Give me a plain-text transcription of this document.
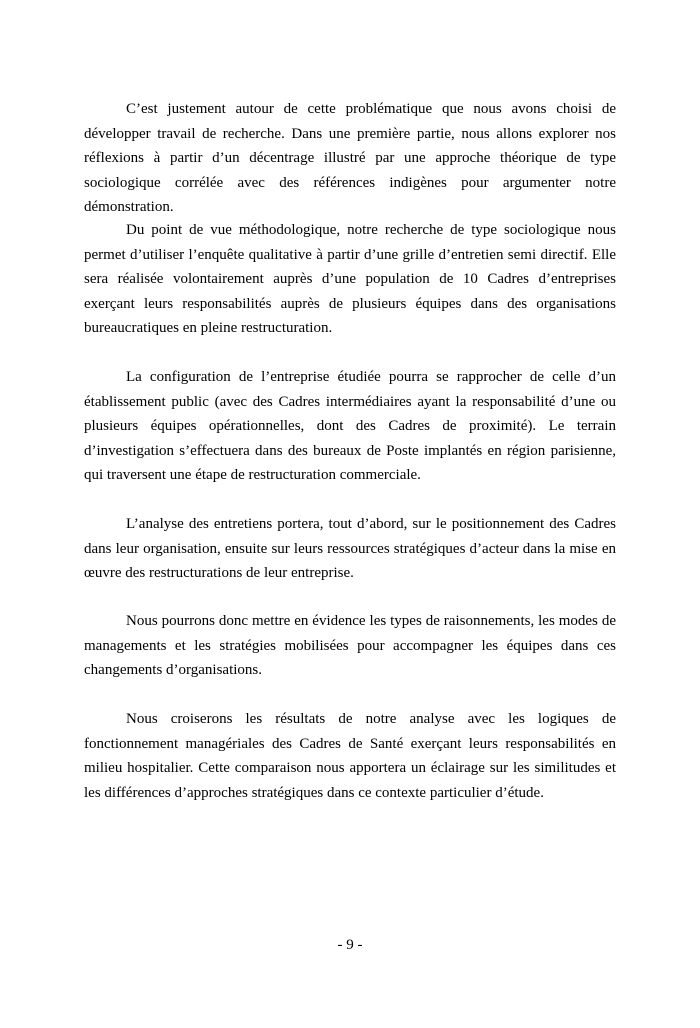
C’est justement autour de cette problématique que nous avons choisi de développer travail de recherche. Dans une première partie, nous allons explorer nos réflexions à partir d’un décentrage illustré par une approche théorique de type sociologique corrélée avec des références indigènes pour argumenter notre démonstration.

Du point de vue méthodologique, notre recherche de type sociologique nous permet d’utiliser l’enquête qualitative à partir d’une grille d’entretien semi directif. Elle sera réalisée volontairement auprès d’une population de 10 Cadres d’entreprises exerçant leurs responsabilités auprès de plusieurs équipes dans des organisations bureaucratiques en pleine restructuration.

La configuration de l’entreprise étudiée pourra se rapprocher de celle d’un établissement public (avec des Cadres intermédiaires ayant la responsabilité d’une ou plusieurs équipes opérationnelles, dont des Cadres de proximité). Le terrain d’investigation s’effectuera dans des bureaux de Poste implantés en région parisienne, qui traversent une étape de restructuration commerciale.

L’analyse des entretiens portera, tout d’abord, sur le positionnement des Cadres dans leur organisation, ensuite sur leurs ressources stratégiques d’acteur dans la mise en œuvre des restructurations de leur entreprise.

Nous pourrons donc mettre en évidence les types de raisonnements, les modes de managements et les stratégies mobilisées pour accompagner les équipes dans ces changements d’organisations.

Nous croiserons les résultats de notre analyse avec les logiques de fonctionnement managériales des Cadres de Santé exerçant leurs responsabilités en milieu hospitalier. Cette comparaison nous apportera un éclairage sur les similitudes et les différences d’approches stratégiques dans ce contexte particulier d’étude.

- 9 -
